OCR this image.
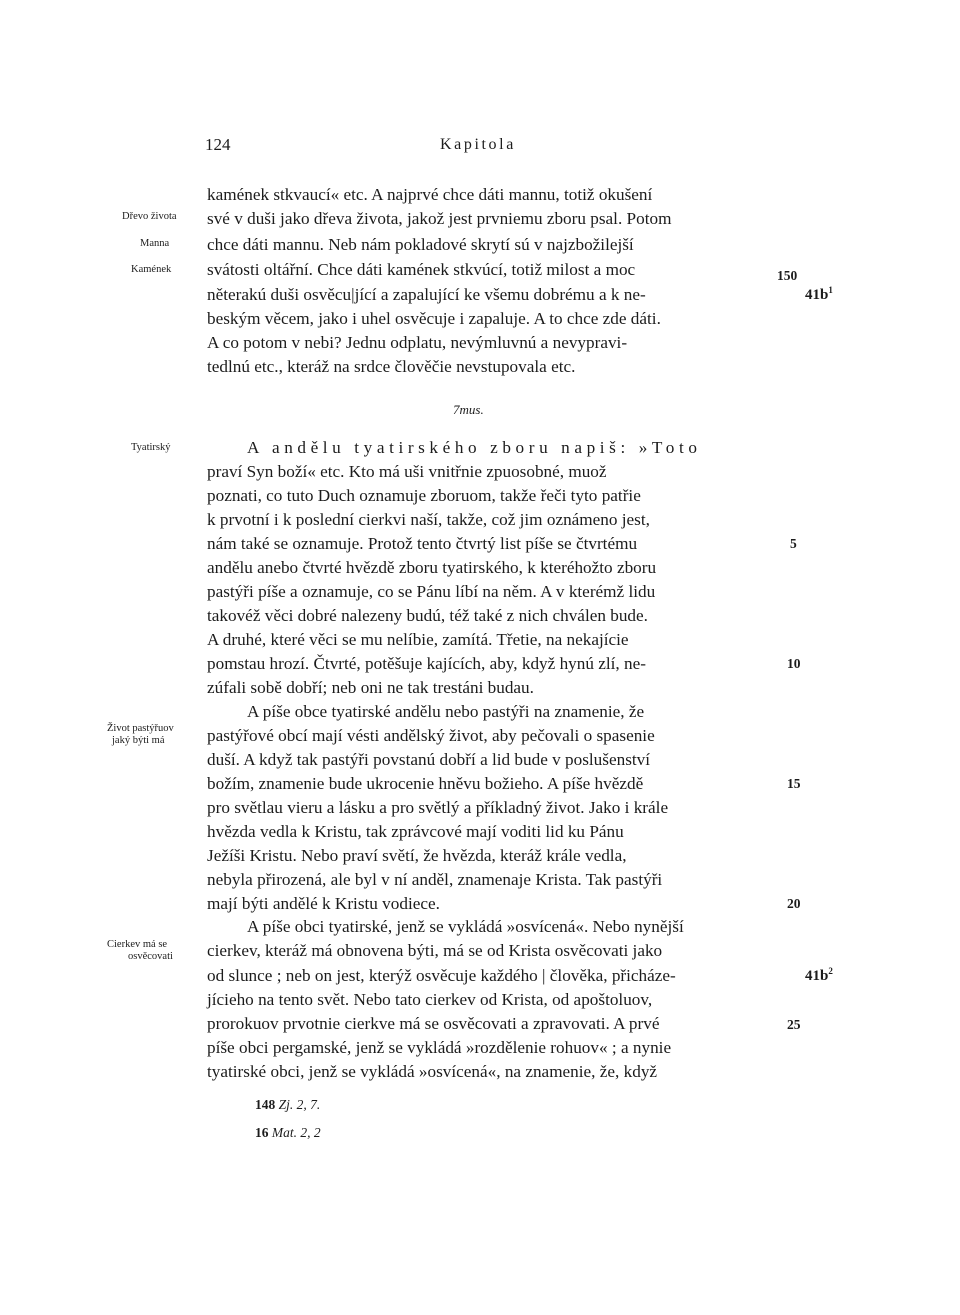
124	Kapitola
Dřevo života
Manna
Kamének
Tyatirský
Život pastýřuov
jaký býti má
Cierkev má se
osvěcovati
150
5
10
15
20
25
$41b^1$
$41b^2$
7mus.
kamének stkvaucí« etc. A najprvé chce dáti mannu, totiž okušení
své v duši jako dřeva života, jakož jest prvniemu zboru psal. Potom
chce dáti mannu. Neb nám pokladové skrytí sú v najzbožilejší
svátosti oltářní. Chce dáti kamének stkvúcí, totiž milost a moc
něterakú duši osvěcu|jící a zapalující ke všemu dobrému a k ne-
beským věcem, jako i uhel osvěcuje i zapaluje. A to chce zde dáti.
A co potom v nebi? Jednu odplatu, nevýmluvnú a nevypravi-
tedlnú etc., kteráž na srdce člověčie nevstupovala etc.
A andělu tyatirského zboru napiš: »Toto
praví Syn boží« etc. Kto má uši vnitřnie zpuosobné, muož
poznati, co tuto Duch oznamuje zboruom, takže řeči tyto patřie
k prvotní i k poslední cierkvi naší, takže, což jim oznámeno jest,
nám také se oznamuje. Protož tento čtvrtý list píše se čtvrtému
andělu anebo čtvrté hvězdě zboru tyatirského, k kteréhožto zboru
pastýři píše a oznamuje, co se Pánu líbí na něm. A v kterémž lidu
takovéž věci dobré nalezeny budú, též také z nich chválen bude.
A druhé, které věci se mu nelíbie, zamítá. Třetie, na nekajície
pomstau hrozí. Čtvrté, potěšuje kajících, aby, když hynú zlí, ne-
zúfali sobě dobří; neb oni ne tak trestáni budau.
A píše obce tyatirské andělu nebo pastýři na znamenie, že
pastýřové obcí mají vésti andělský život, aby pečovali o spasenie
duší. A když tak pastýři povstanú dobří a lid bude v poslušenství
božím, znamenie bude ukrocenie hněvu božieho. A píše hvězdě
pro světlau vieru a lásku a pro světlý a příkladný život. Jako i krále
hvězda vedla k Kristu, tak zprávcové mají voditi lid ku Pánu
Ježíši Kristu. Nebo praví světí, že hvězda, kteráž krále vedla,
nebyla přirozená, ale byl v ní anděl, znamenaje Krista. Tak pastýři
mají býti andělé k Kristu vodiece.
A píše obci tyatirské, jenž se vykládá »osvícená«. Nebo nynější
cierkev, kteráž má obnovena býti, má se od Krista osvěcovati jako
od slunce ; neb on jest, kterýž osvěcuje každého | člověka, přicháze-
jícieho na tento svět. Nebo tato cierkev od Krista, od apoštoluov,
prorokuov prvotnie cierkve má se osvěcovati a zpravovati. A prvé
píše obci pergamské, jenž se vykládá »rozdělenie rohuov« ; a nynie
tyatirské obci, jenž se vykládá »osvícená«, na znamenie, že, když
148 Zj. 2, 7.
16 Mat. 2, 2
